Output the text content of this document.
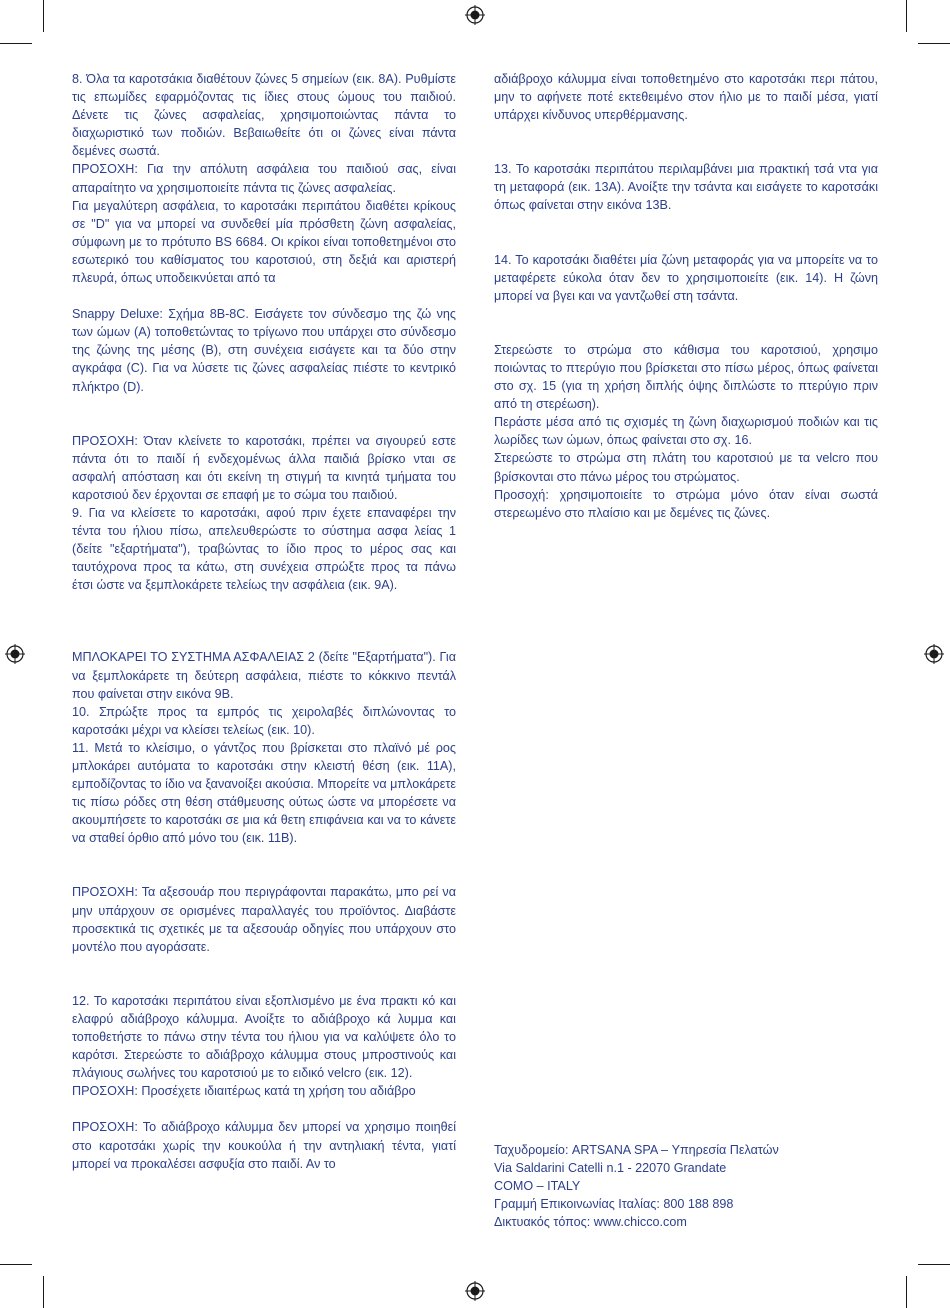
8. Όλα τα καροτσάκια διαθέτουν ζώνες 5 σημείων (εικ. 8Α). Ρυθμίστε τις επωμίδες εφαρμόζοντας τις ίδιες στους ώμους του παιδιού. Δένετε τις ζώνες ασφαλείας, χρησιμοποιώντας πάντα το διαχωριστικό των ποδιών. Βεβαιωθείτε ότι οι ζώνες είναι πάντα δεμένες σωστά.

ΠΡΟΣΟΧΗ: Για την απόλυτη ασφάλεια του παιδιού σας, είναι απαραίτητο να χρησιμοποιείτε πάντα τις ζώνες ασφαλείας.

Για μεγαλύτερη ασφάλεια, το καροτσάκι περιπάτου διαθέτει κρίκους σε "D" για να μπορεί να συνδεθεί μία πρόσθετη ζώνη ασφαλείας, σύμφωνη με το πρότυπο BS 6684. Οι κρίκοι είναι τοποθετημένοι στο εσωτερικό του καθίσματος του καροτσιού, στη δεξιά και αριστερή πλευρά, όπως υποδεικνύεται από τα

Snappy Deluxe: Σχήμα 8B-8C. Εισάγετε τον σύνδεσμο της ζώ νης των ώμων (A) τοποθετώντας το τρίγωνο που υπάρχει στο σύνδεσμο της ζώνης της μέσης (B), στη συνέχεια εισάγετε και τα δύο στην αγκράφα (C). Για να λύσετε τις ζώνες ασφαλείας πιέστε το κεντρικό πλήκτρο (D).

ΠΡΟΣΟΧΗ: Όταν κλείνετε το καροτσάκι, πρέπει να σιγουρεύ εστε πάντα ότι το παιδί ή ενδεχομένως άλλα παιδιά βρίσκο νται σε ασφαλή απόσταση και ότι εκείνη τη στιγμή τα κινητά τμήματα του καροτσιού δεν έρχονται σε επαφή με το σώμα του παιδιού.

9. Για να κλείσετε το καροτσάκι, αφού πριν έχετε επαναφέρει την τέντα του ήλιου πίσω, απελευθερώστε το σύστημα ασφα λείας 1 (δείτε "εξαρτήματα"), τραβώντας το ίδιο προς το μέρος σας και ταυτόχρονα προς τα κάτω, στη συνέχεια σπρώξτε προς τα πάνω έτσι ώστε να ξεμπλοκάρετε τελείως την ασφάλεια (εικ. 9A).

ΜΠΛΟΚΑΡΕΙ ΤΟ ΣΥΣΤΗΜΑ ΑΣΦΑΛΕΙΑΣ 2 (δείτε "Εξαρτήματα"). Για να ξεμπλοκάρετε τη δεύτερη ασφάλεια, πιέστε το κόκκινο πεντάλ που φαίνεται στην εικόνα 9B.

10. Σπρώξτε προς τα εμπρός τις χειρολαβές διπλώνοντας το καροτσάκι μέχρι να κλείσει τελείως (εικ. 10).

11. Μετά το κλείσιμο, ο γάντζος που βρίσκεται στο πλαϊνό μέ ρος μπλοκάρει αυτόματα το καροτσάκι στην κλειστή θέση (εικ. 11A), εμποδίζοντας το ίδιο να ξανανοίξει ακούσια. Μπορείτε να μπλοκάρετε τις πίσω ρόδες στη θέση στάθμευσης ούτως ώστε να μπορέσετε να ακουμπήσετε το καροτσάκι σε μια κά θετη επιφάνεια και να το κάνετε να σταθεί όρθιο από μόνο του (εικ. 11B).

ΠΡΟΣΟΧΗ: Τα αξεσουάρ που περιγράφονται παρακάτω, μπο ρεί να μην υπάρχουν σε ορισμένες παραλλαγές του προϊόντος. Διαβάστε προσεκτικά τις σχετικές με τα αξεσουάρ οδηγίες που υπάρχουν στο μοντέλο που αγοράσατε.

12. Το καροτσάκι περιπάτου είναι εξοπλισμένο με ένα πρακτι κό και ελαφρύ αδιάβροχο κάλυμμα. Ανοίξτε το αδιάβροχο κά λυμμα και τοποθετήστε το πάνω στην τέντα του ήλιου για να καλύψετε όλο το καρότσι. Στερεώστε το αδιάβροχο κάλυμμα στους μπροστινούς και πλάγιους σωλήνες του καροτσιού με το ειδικό velcro (εικ. 12).

ΠΡΟΣΟΧΗ: Προσέχετε ιδιαιτέρως κατά τη χρήση του αδιάβρο

ΠΡΟΣΟΧΗ: Το αδιάβροχο κάλυμμα δεν μπορεί να χρησιμο ποιηθεί στο καροτσάκι χωρίς την κουκούλα ή την αντηλιακή τέντα, γιατί μπορεί να προκαλέσει ασφυξία στο παιδί. Αν το

αδιάβροχο κάλυμμα είναι τοποθετημένο στο καροτσάκι περι πάτου, μην το αφήνετε ποτέ εκτεθειμένο στον ήλιο με το παιδί μέσα, γιατί υπάρχει κίνδυνος υπερθέρμανσης.

13. Το καροτσάκι περιπάτου περιλαμβάνει μια πρακτική τσά ντα για τη μεταφορά (εικ. 13A). Ανοίξτε την τσάντα και εισάγετε το καροτσάκι όπως φαίνεται στην εικόνα 13B.

14. Το καροτσάκι διαθέτει μία ζώνη μεταφοράς για να μπορείτε να το μεταφέρετε εύκολα όταν δεν το χρησιμοποιείτε (εικ. 14). Η ζώνη μπορεί να βγει και να γαντζωθεί στη τσάντα.

Στερεώστε το στρώμα στο κάθισμα του καροτσιού, χρησιμο ποιώντας το πτερύγιο που βρίσκεται στο πίσω μέρος, όπως φαίνεται στο σχ. 15 (για τη χρήση διπλής όψης διπλώστε το πτερύγιο πριν από τη στερέωση).

Περάστε μέσα από τις σχισμές τη ζώνη διαχωρισμού ποδιών και τις λωρίδες των ώμων, όπως φαίνεται στο σχ. 16.

Στερεώστε το στρώμα στη πλάτη του καροτσιού με τα velcro που βρίσκονται στο πάνω μέρος του στρώματος.

Προσοχή: χρησιμοποιείτε το στρώμα μόνο όταν είναι σωστά στερεωμένο στο πλαίσιο και με δεμένες τις ζώνες.

Ταχυδρομείο: ARTSANA SPA – Υπηρεσία Πελατών

Via Saldarini Catelli n.1 - 22070 Grandate

COMO – ITALY

Γραμμή Επικοινωνίας Ιταλίας: 800 188 898

Δικτυακός τόπος: www.chicco.com
